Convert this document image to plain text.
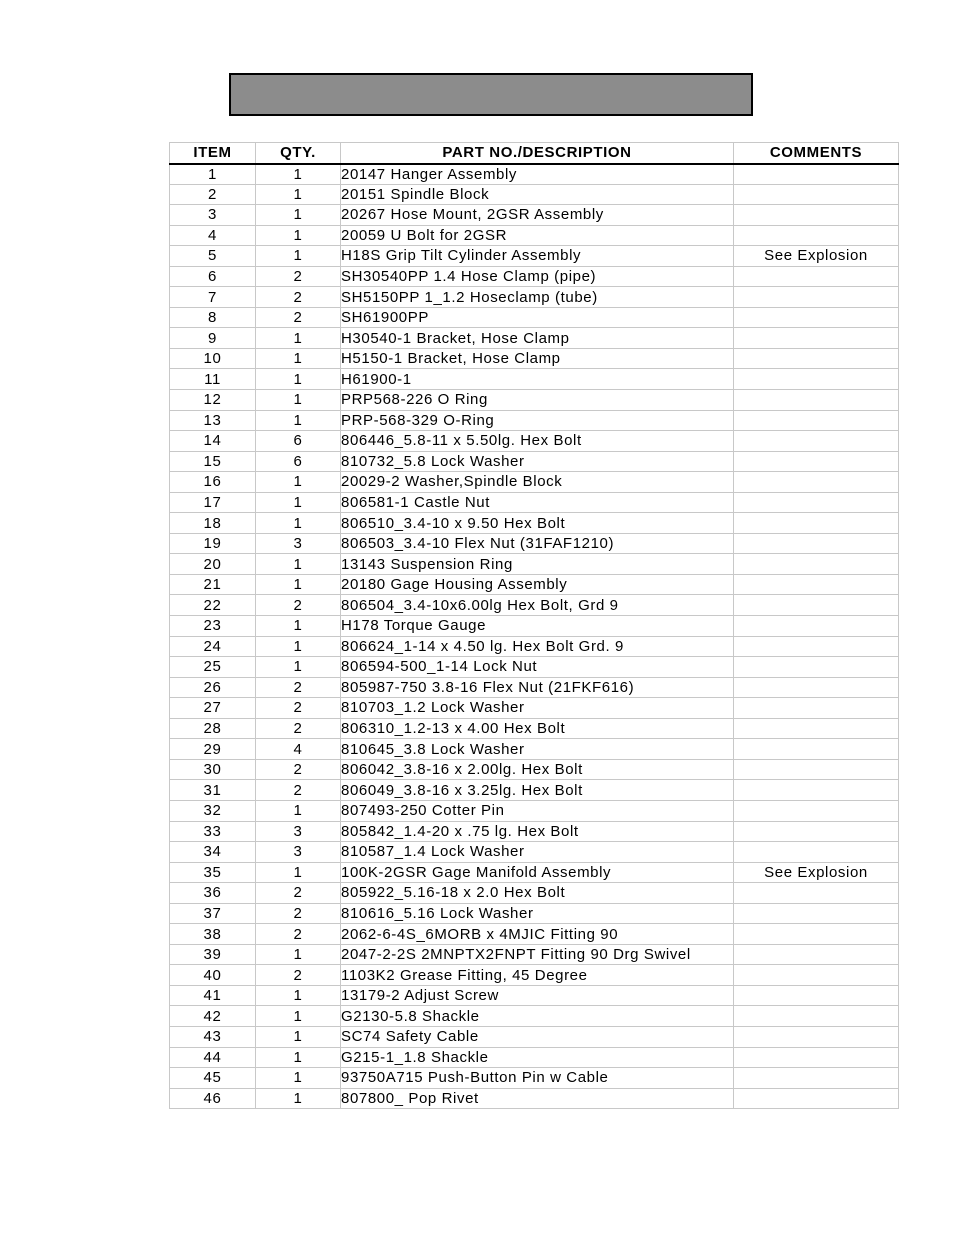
ITEM	QTY.	PART NO./DESCRIPTION	COMMENTS
1	1	20147 Hanger Assembly	
2	1	20151 Spindle Block	
3	1	20267 Hose Mount, 2GSR Assembly	
4	1	20059 U Bolt for 2GSR	
5	1	H18S Grip Tilt Cylinder Assembly	See Explosion
6	2	SH30540PP 1.4 Hose Clamp (pipe)	
7	2	SH5150PP 1_1.2 Hoseclamp (tube)	
8	2	SH61900PP	
9	1	H30540-1 Bracket, Hose Clamp	
10	1	H5150-1 Bracket, Hose Clamp	
11	1	H61900-1	
12	1	PRP568-226 O Ring	
13	1	PRP-568-329 O-Ring	
14	6	806446_5.8-11 x 5.50lg. Hex Bolt	
15	6	810732_5.8 Lock Washer	
16	1	20029-2 Washer,Spindle Block	
17	1	806581-1 Castle Nut	
18	1	806510_3.4-10 x 9.50 Hex Bolt	
19	3	806503_3.4-10 Flex Nut (31FAF1210)	
20	1	13143 Suspension Ring	
21	1	20180 Gage Housing Assembly	
22	2	806504_3.4-10x6.00lg Hex Bolt, Grd 9	
23	1	H178 Torque Gauge	
24	1	806624_1-14 x 4.50 lg. Hex Bolt Grd. 9	
25	1	806594-500_1-14 Lock Nut	
26	2	805987-750 3.8-16 Flex Nut (21FKF616)	
27	2	810703_1.2 Lock Washer	
28	2	806310_1.2-13 x 4.00 Hex Bolt	
29	4	810645_3.8 Lock Washer	
30	2	806042_3.8-16 x 2.00lg. Hex Bolt	
31	2	806049_3.8-16 x 3.25lg. Hex Bolt	
32	1	807493-250 Cotter Pin	
33	3	805842_1.4-20 x .75 lg. Hex Bolt	
34	3	810587_1.4 Lock Washer	
35	1	100K-2GSR Gage Manifold Assembly	See Explosion
36	2	805922_5.16-18 x 2.0 Hex Bolt	
37	2	810616_5.16 Lock Washer	
38	2	2062-6-4S_6MORB x 4MJIC Fitting 90	
39	1	2047-2-2S 2MNPTX2FNPT Fitting 90 Drg Swivel	
40	2	1103K2 Grease Fitting, 45 Degree	
41	1	13179-2 Adjust Screw	
42	1	G2130-5.8 Shackle	
43	1	SC74 Safety Cable	
44	1	G215-1_1.8 Shackle	
45	1	93750A715 Push-Button Pin w Cable	
46	1	807800_ Pop Rivet	
